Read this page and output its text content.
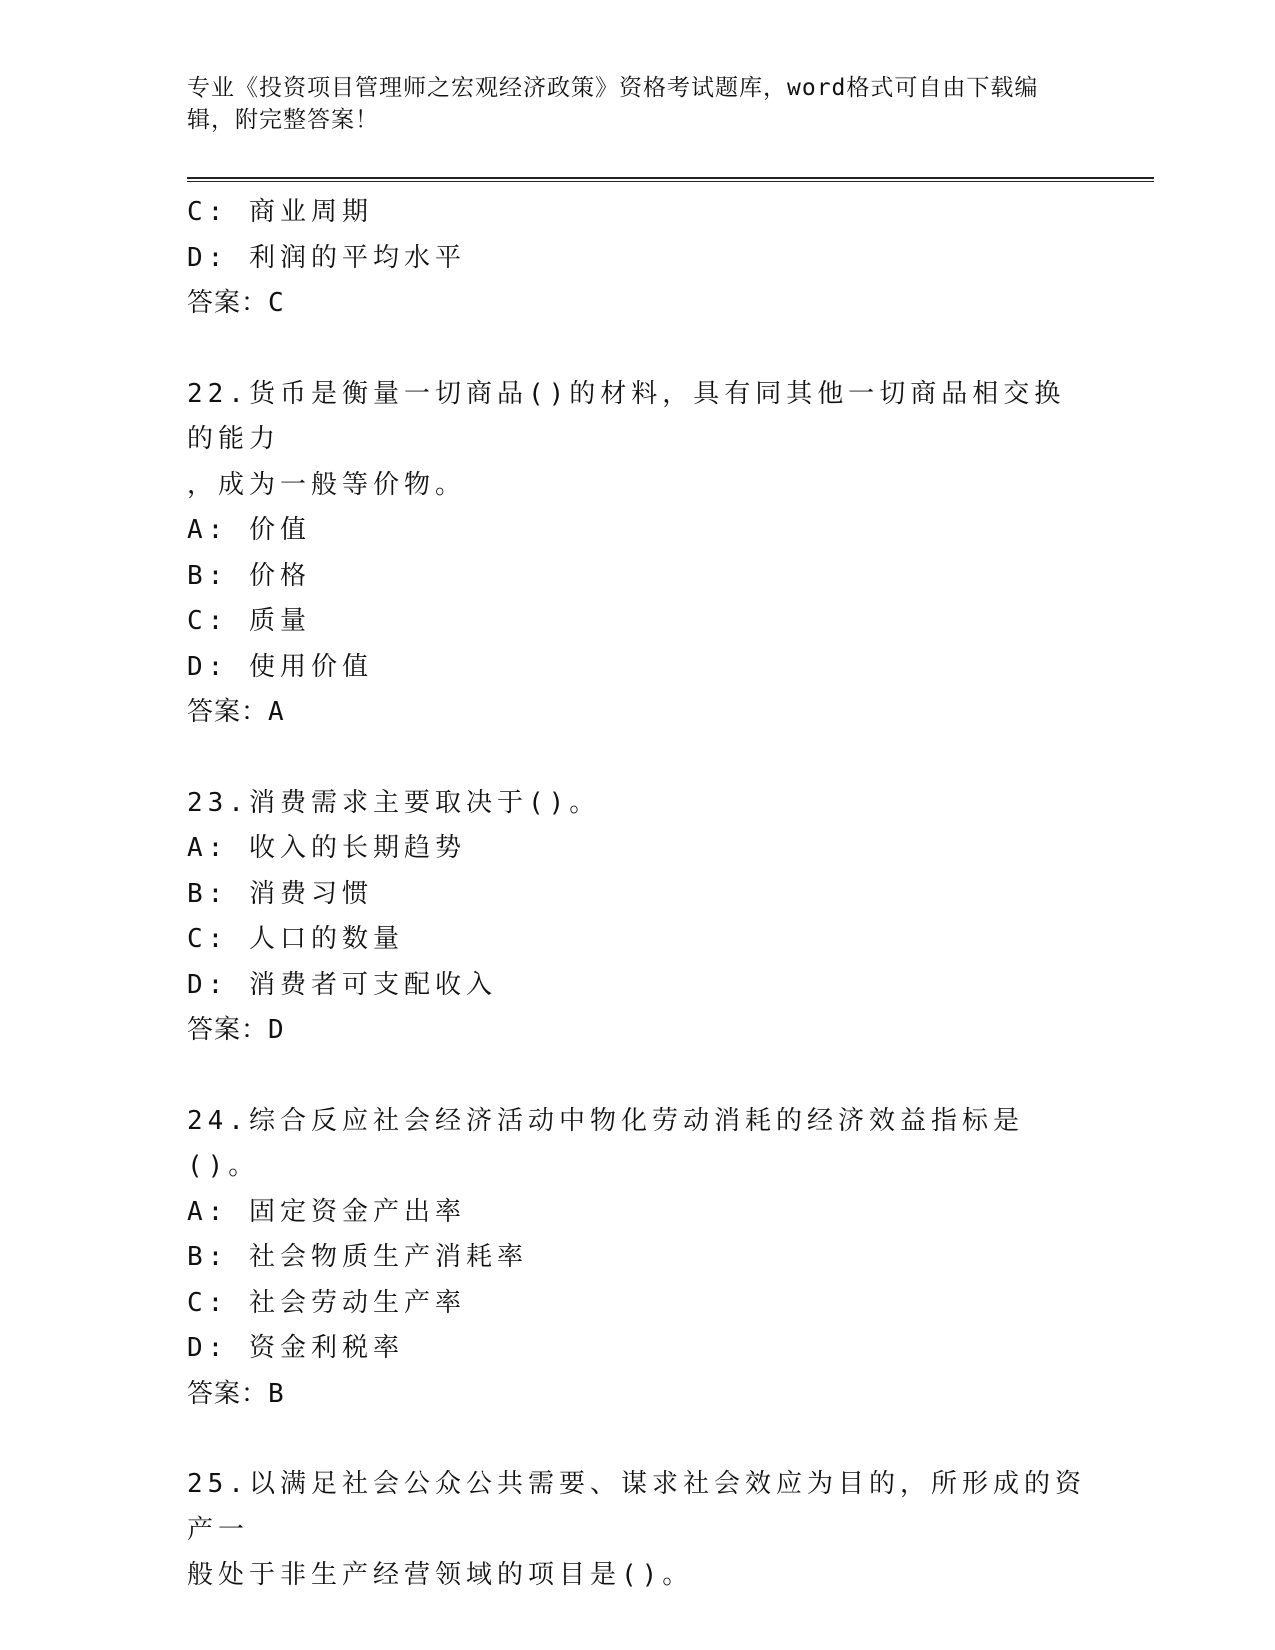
专业《投资项目管理师之宏观经济政策》资格考试题库，word格式可自由下载编辑，附完整答案！
C: 商业周期
D: 利润的平均水平
答案：C
22.货币是衡量一切商品()的材料，具有同其他一切商品相交换的能力
，成为一般等价物。
A: 价值
B: 价格
C: 质量
D: 使用价值
答案：A
23.消费需求主要取决于()。
A: 收入的长期趋势
B: 消费习惯
C: 人口的数量
D: 消费者可支配收入
答案：D
24.综合反应社会经济活动中物化劳动消耗的经济效益指标是()。
A: 固定资金产出率
B: 社会物质生产消耗率
C: 社会劳动生产率
D: 资金利税率
答案：B
25.以满足社会公众公共需要、谋求社会效应为目的，所形成的资产一
般处于非生产经营领域的项目是()。
